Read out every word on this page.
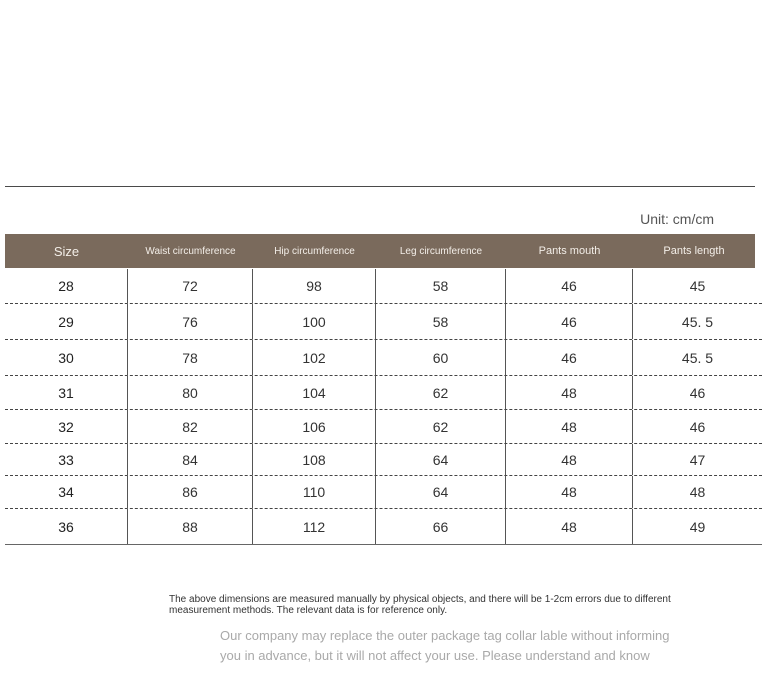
Unit: cm/cm
Size	Waist circumference	Hip circumference	Leg circumference	Pants mouth	Pants length
28	72	98	58	46	45
29	76	100	58	46	45. 5
30	78	102	60	46	45. 5
31	80	104	62	48	46
32	82	106	62	48	46
33	84	108	64	48	47
34	86	110	64	48	48
36	88	112	66	48	49
The above dimensions are measured manually by physical objects, and there will be 1-2cm errors due to different measurement methods. The relevant data is for reference only.
Our company may replace the outer package tag collar lable without informing
you in advance, but it will not affect your use. Please understand and know
